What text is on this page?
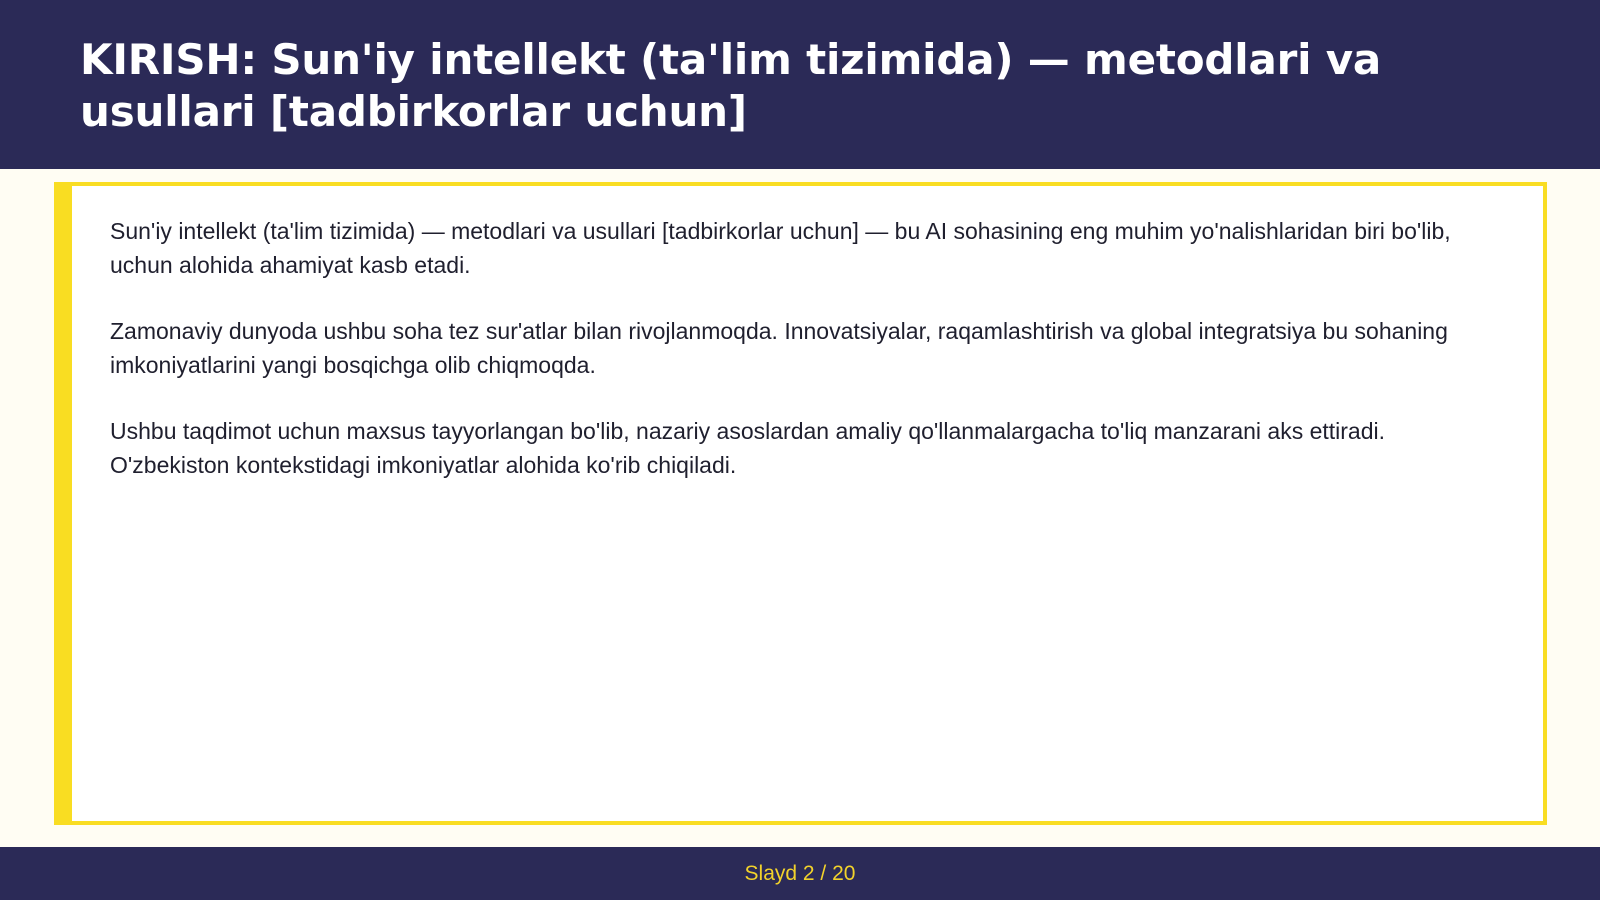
KIRISH: Sun'iy intellekt (ta'lim tizimida) — metodlari va usullari [tadbirkorlar uchun]

Sun'iy intellekt (ta'lim tizimida) — metodlari va usullari [tadbirkorlar uchun] — bu AI sohasining eng muhim yo'nalishlaridan biri bo'lib, uchun alohida ahamiyat kasb etadi.

Zamonaviy dunyoda ushbu soha tez sur'atlar bilan rivojlanmoqda. Innovatsiyalar, raqamlashtirish va global integratsiya bu sohaning imkoniyatlarini yangi bosqichga olib chiqmoqda.

Ushbu taqdimot uchun maxsus tayyorlangan bo'lib, nazariy asoslardan amaliy qo'llanmalargacha to'liq manzarani aks ettiradi. O'zbekiston kontekstidagi imkoniyatlar alohida ko'rib chiqiladi.

Slayd 2 / 20
